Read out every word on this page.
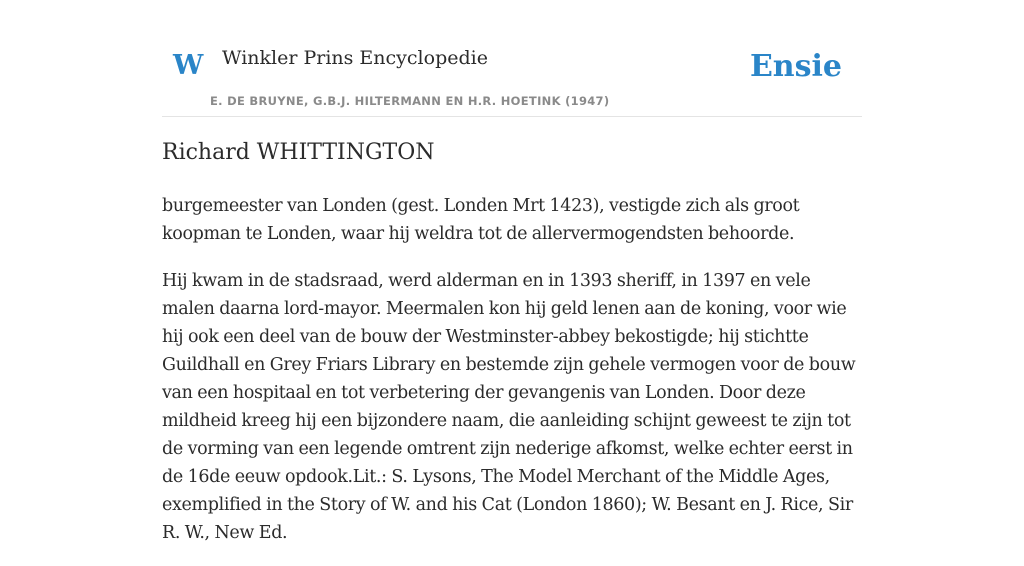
W Winkler Prins Encyclopedie
E. DE BRUYNE, G.B.J. HILTERMANN EN H.R. HOETINK (1947)
Ensie
Richard WHITTINGTON

burgemeester van Londen (gest. Londen Mrt 1423), vestigde zich als groot koopman te Londen, waar hij weldra tot de allervermogendsten behoorde.

Hij kwam in de stadsraad, werd alderman en in 1393 sheriff, in 1397 en vele malen daarna lord-mayor. Meermalen kon hij geld lenen aan de koning, voor wie hij ook een deel van de bouw der Westminster-abbey bekostigde; hij stichtte Guildhall en Grey Friars Library en bestemde zijn gehele vermogen voor de bouw van een hospitaal en tot verbetering der gevangenis van Londen. Door deze mildheid kreeg hij een bijzondere naam, die aanleiding schijnt geweest te zijn tot de vorming van een legende omtrent zijn nederige afkomst, welke echter eerst in de 16de eeuw opdook.Lit.: S. Lysons, The Model Merchant of the Middle Ages, exemplified in the Story of W. and his Cat (London 1860); W. Besant en J. Rice, Sir R. W., New Ed.
